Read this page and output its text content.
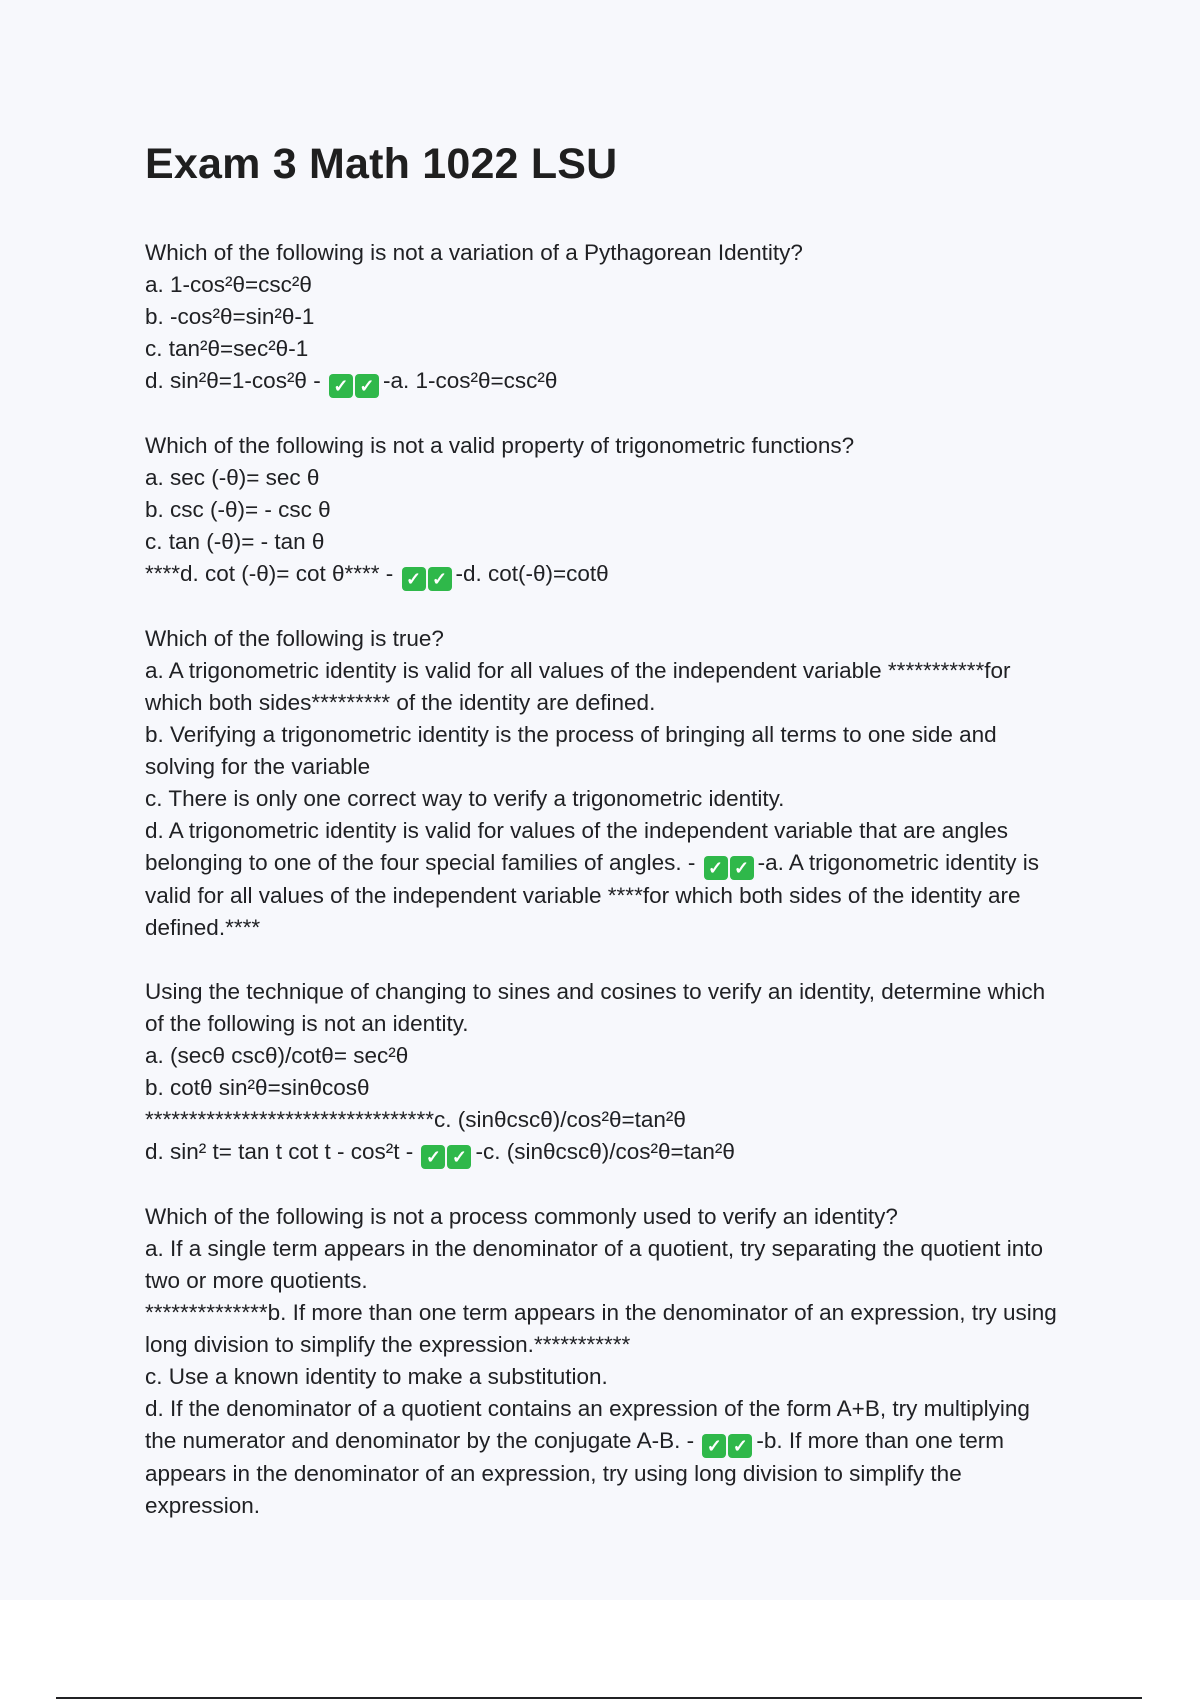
Exam 3 Math 1022 LSU
Which of the following is not a variation of a Pythagorean Identity?
a. 1-cos²θ=csc²θ
b. -cos²θ=sin²θ-1
c. tan²θ=sec²θ-1
d. sin²θ=1-cos²θ - ✓ ✓ -a. 1-cos²θ=csc²θ
Which of the following is not a valid property of trigonometric functions?
a. sec (-θ)= sec θ
b. csc (-θ)= - csc θ
c. tan (-θ)= - tan θ
****d. cot (-θ)= cot θ**** - ✓ ✓ -d. cot(-θ)=cotθ
Which of the following is true?
a. A trigonometric identity is valid for all values of the independent variable ***********for which both sides********* of the identity are defined.
b. Verifying a trigonometric identity is the process of bringing all terms to one side and solving for the variable
c. There is only one correct way to verify a trigonometric identity.
d. A trigonometric identity is valid for values of the independent variable that are angles belonging to one of the four special families of angles. - ✓ ✓ -a. A trigonometric identity is valid for all values of the independent variable ****for which both sides of the identity are defined.****
Using the technique of changing to sines and cosines to verify an identity, determine which of the following is not an identity.
a. (secθ cscθ)/cotθ= sec²θ
b. cotθ sin²θ=sinθcosθ
*********************************c. (sinθcscθ)/cos²θ=tan²θ
d. sin² t= tan t cot t - cos²t - ✓ ✓ -c. (sinθcscθ)/cos²θ=tan²θ
Which of the following is not a process commonly used to verify an identity?
a. If a single term appears in the denominator of a quotient, try separating the quotient into two or more quotients.
**************b. If more than one term appears in the denominator of an expression, try using long division to simplify the expression.***********
c. Use a known identity to make a substitution.
d. If the denominator of a quotient contains an expression of the form A+B, try multiplying the numerator and denominator by the conjugate A-B. - ✓ ✓ -b. If more than one term appears in the denominator of an expression, try using long division to simplify the expression.
